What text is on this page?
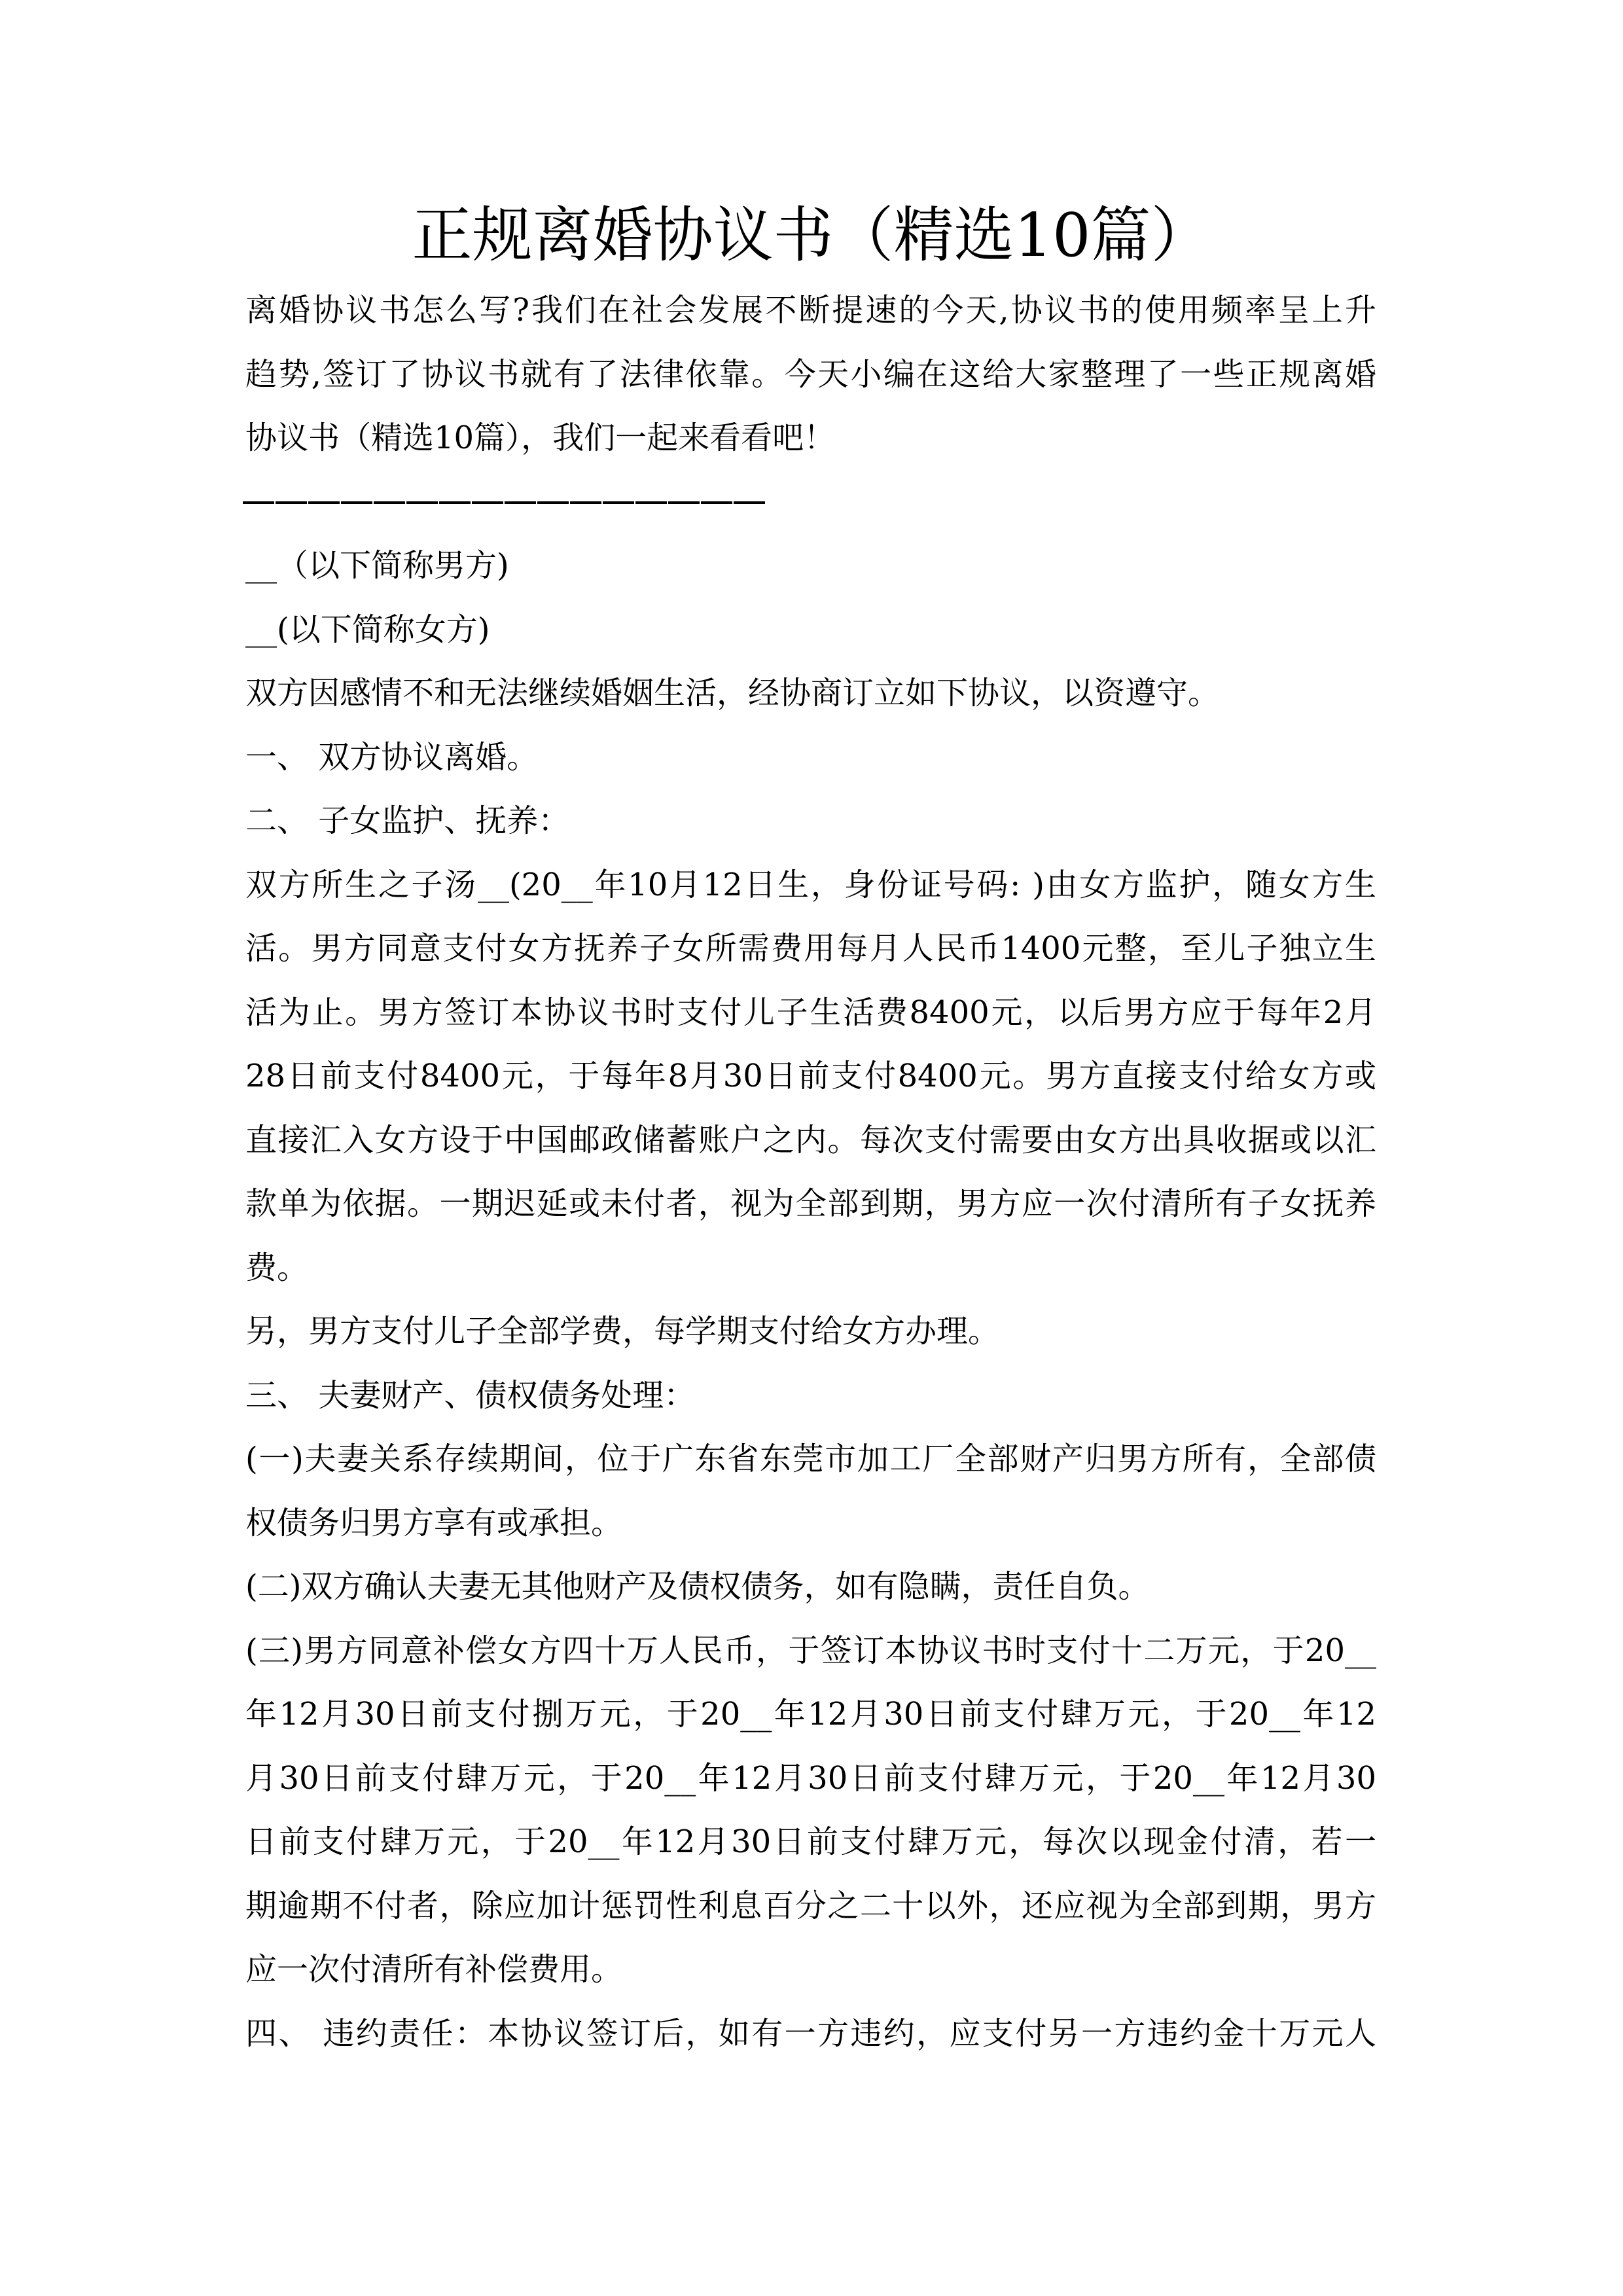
正规离婚协议书（精选10篇）
离婚协议书怎么写?我们在社会发展不断提速的今天,协议书的使用频率呈上升
趋势,签订了协议书就有了法律依靠。今天小编在这给大家整理了一些正规离婚
协议书（精选10篇），我们一起来看看吧！
__（以下简称男方)
__(以下简称女方)
双方因感情不和无法继续婚姻生活，经协商订立如下协议，以资遵守。
一、 双方协议离婚。
二、 子女监护、抚养：
双方所生之子汤__(20__年10月12日生，身份证号码: )由女方监护，随女方生
活。男方同意支付女方抚养子女所需费用每月人民币1400元整，至儿子独立生
活为止。男方签订本协议书时支付儿子生活费8400元，以后男方应于每年2月
28日前支付8400元，于每年8月30日前支付8400元。男方直接支付给女方或
直接汇入女方设于中国邮政储蓄账户之内。每次支付需要由女方出具收据或以汇
款单为依据。一期迟延或未付者，视为全部到期，男方应一次付清所有子女抚养
费。
另，男方支付儿子全部学费，每学期支付给女方办理。
三、 夫妻财产、债权债务处理：
(一)夫妻关系存续期间，位于广东省东莞市加工厂全部财产归男方所有，全部债
权债务归男方享有或承担。
(二)双方确认夫妻无其他财产及债权债务，如有隐瞒，责任自负。
(三)男方同意补偿女方四十万人民币，于签订本协议书时支付十二万元，于20__
年12月30日前支付捌万元，于20__年12月30日前支付肆万元，于20__年12
月30日前支付肆万元，于20__年12月30日前支付肆万元，于20__年12月30
日前支付肆万元，于20__年12月30日前支付肆万元，每次以现金付清，若一
期逾期不付者，除应加计惩罚性利息百分之二十以外，还应视为全部到期，男方
应一次付清所有补偿费用。
四、 违约责任：本协议签订后，如有一方违约，应支付另一方违约金十万元人
